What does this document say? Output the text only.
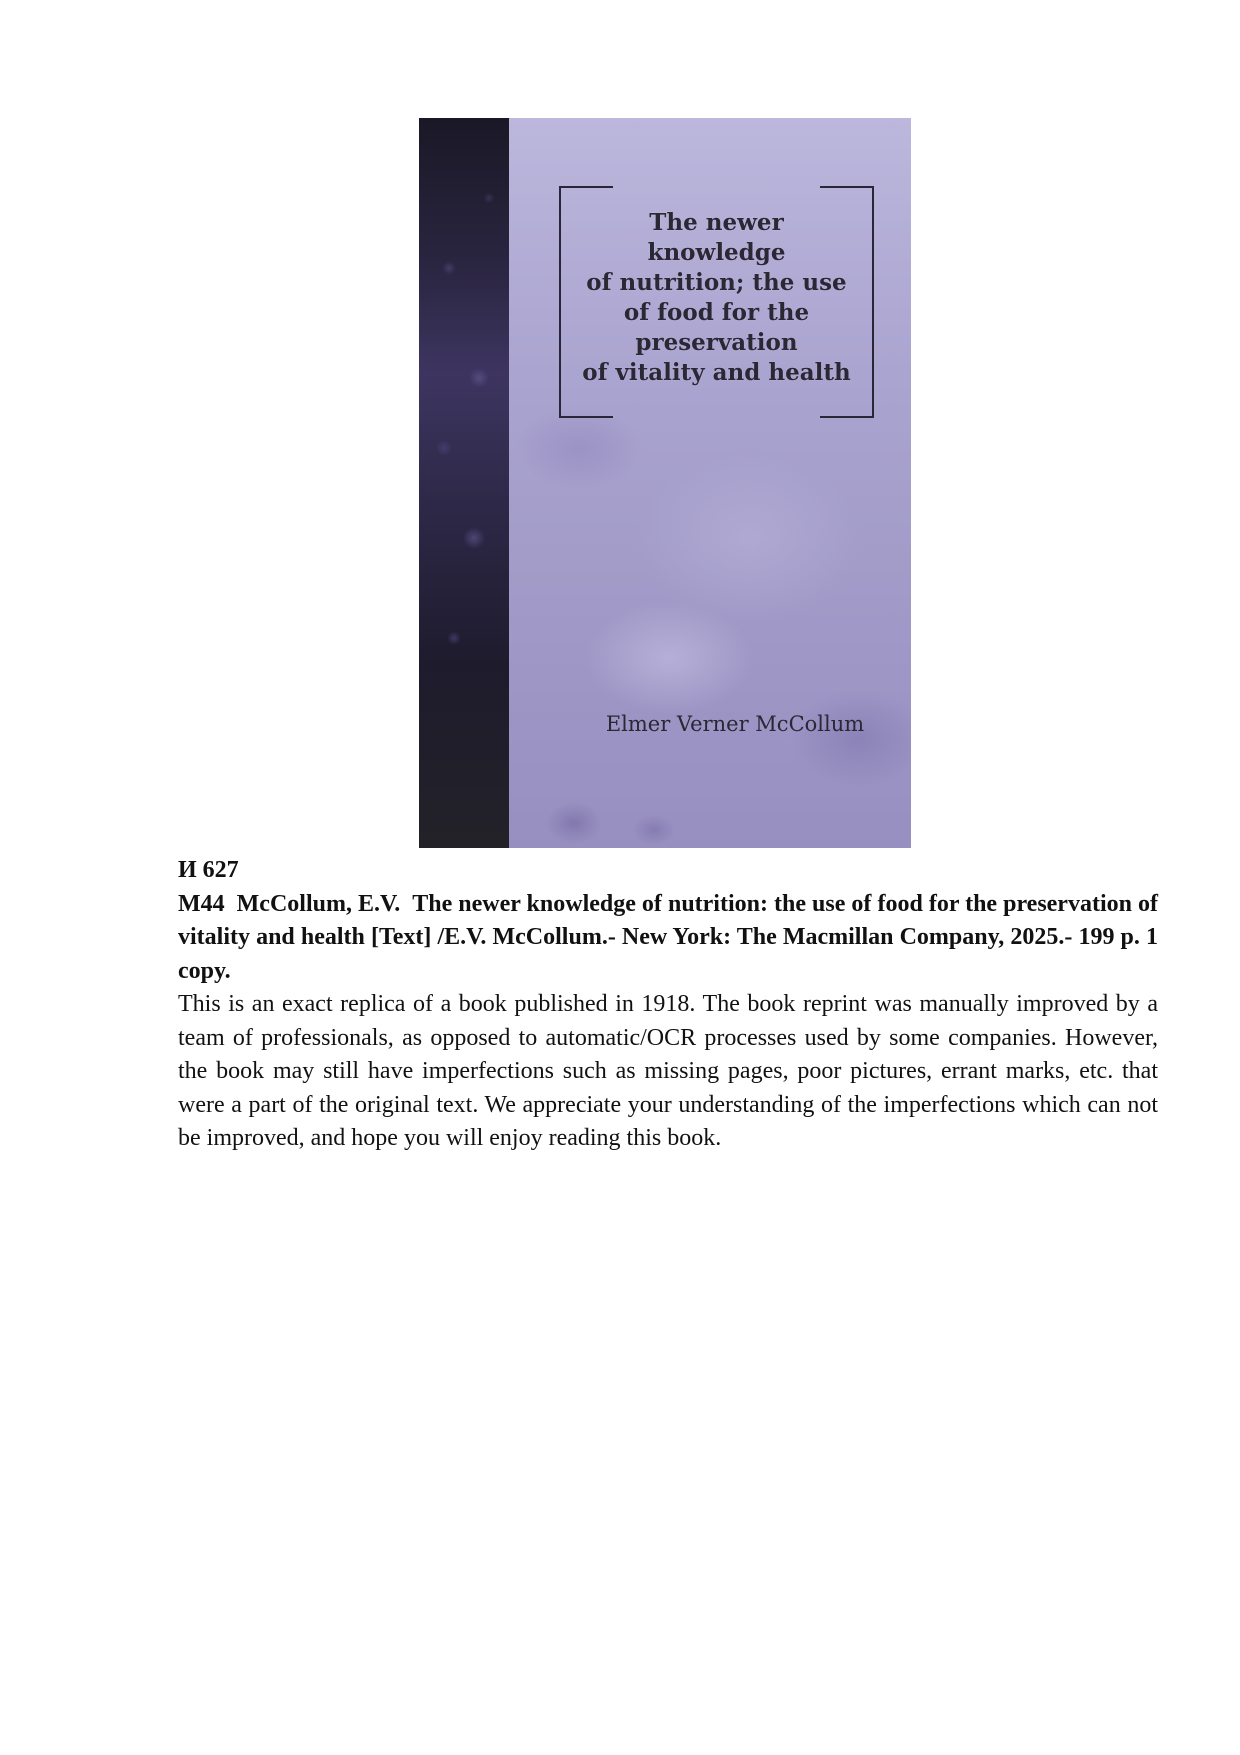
The newer
knowledge
of nutrition; the use
of food for the
preservation
of vitality and health

Elmer Verner McCollum

И 627

М44 McCollum, E.V. The newer knowledge of nutrition: the use of food for the preservation of vitality and health [Text] /E.V. McCollum.- New York: The Macmillan Company, 2025.- 199 p. 1 copy.

This is an exact replica of a book published in 1918. The book reprint was manually improved by a team of professionals, as opposed to automatic/OCR processes used by some companies. However, the book may still have imperfections such as missing pages, poor pictures, errant marks, etc. that were a part of the original text. We appreciate your understanding of the imperfections which can not be improved, and hope you will enjoy reading this book.
